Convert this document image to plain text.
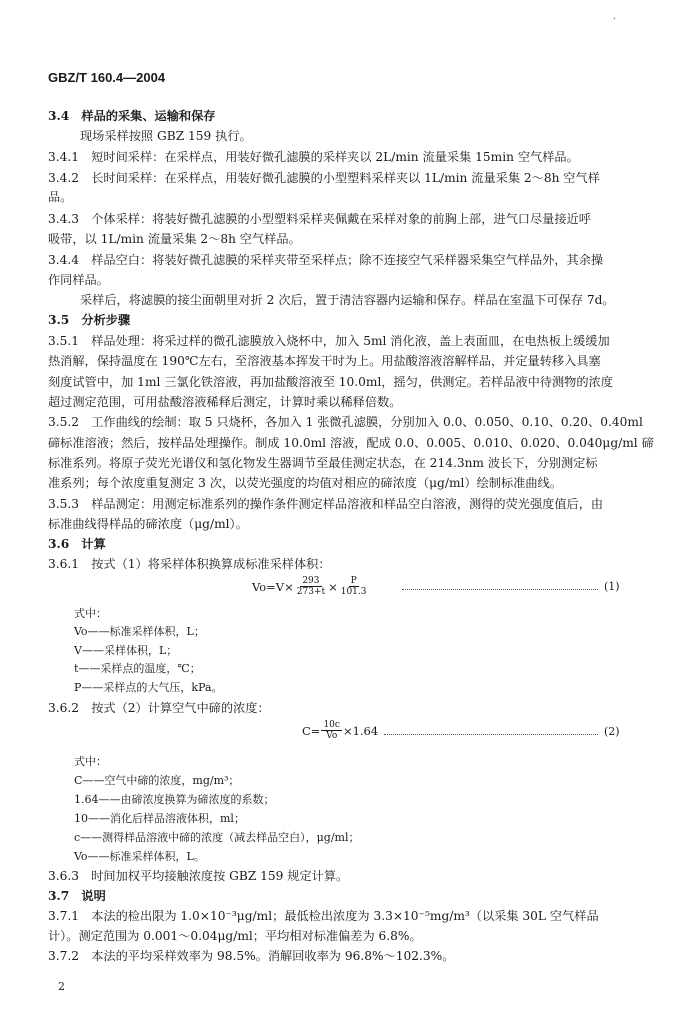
·
GBZ/T 160.4—2004
3.4　样品的采集、运输和保存
现场采样按照 GBZ 159 执行。
3.4.1　短时间采样：在采样点，用装好微孔滤膜的采样夹以 2L/min 流量采集 15min 空气样品。
3.4.2　长时间采样：在采样点，用装好微孔滤膜的小型塑料采样夹以 1L/min 流量采集 2～8h 空气样
品。
3.4.3　个体采样：将装好微孔滤膜的小型塑料采样夹佩戴在采样对象的前胸上部，进气口尽量接近呼
吸带，以 1L/min 流量采集 2～8h 空气样品。
3.4.4　样品空白：将装好微孔滤膜的采样夹带至采样点；除不连接空气采样器采集空气样品外，其余操
作同样品。
采样后，将滤膜的接尘面朝里对折 2 次后，置于清洁容器内运输和保存。样品在室温下可保存 7d。
3.5　分析步骤
3.5.1　样品处理：将采过样的微孔滤膜放入烧杯中，加入 5ml 消化液，盖上表面皿，在电热板上缓缓加
热消解，保持温度在 190℃左右，至溶液基本挥发干时为上。用盐酸溶液溶解样品，并定量转移入具塞
刻度试管中，加 1ml 三氯化铁溶液，再加盐酸溶液至 10.0ml，摇匀，供测定。若样品液中待测物的浓度
超过测定范围，可用盐酸溶液稀释后测定，计算时乘以稀释倍数。
3.5.2　工作曲线的绘制：取 5 只烧杯，各加入 1 张微孔滤膜，分别加入 0.0、0.050、0.10、0.20、0.40ml
碲标准溶液；然后，按样品处理操作。制成 10.0ml 溶液，配成 0.0、0.005、0.010、0.020、0.040μg/ml 碲
标准系列。将原子荧光光谱仪和氢化物发生器调节至最佳测定状态，在 214.3nm 波长下，分别测定标
准系列；每个浓度重复测定 3 次，以荧光强度的均值对相应的碲浓度（μg/ml）绘制标准曲线。
3.5.3　样品测定：用测定标准系列的操作条件测定样品溶液和样品空白溶液，测得的荧光强度值后，由
标准曲线得样品的碲浓度（μg/ml）。
3.6　计算
3.6.1　按式（1）将采样体积换算成标准采样体积：
$Vo=V\times \frac{293}{273+t} \times \frac{P}{101.3}$	(1)
式中：
Vo——标准采样体积，L；
V——采样体积，L；
t——采样点的温度，℃；
P——采样点的大气压，kPa。
3.6.2　按式（2）计算空气中碲的浓度：
$C= \frac{10c}{Vo} \times 1.64$	(2)
式中：
C——空气中碲的浓度，mg/m³；
1.64——由碲浓度换算为碲浓度的系数；
10——消化后样品溶液体积，ml；
c——测得样品溶液中碲的浓度（减去样品空白），μg/ml；
Vo——标准采样体积，L。
3.6.3　时间加权平均接触浓度按 GBZ 159 规定计算。
3.7　说明
3.7.1　本法的检出限为 1.0×10⁻³μg/ml；最低检出浓度为 3.3×10⁻⁵mg/m³（以采集 30L 空气样品
计）。测定范围为 0.001～0.04μg/ml；平均相对标准偏差为 6.8%。
3.7.2　本法的平均采样效率为 98.5%。消解回收率为 96.8%～102.3%。
2
